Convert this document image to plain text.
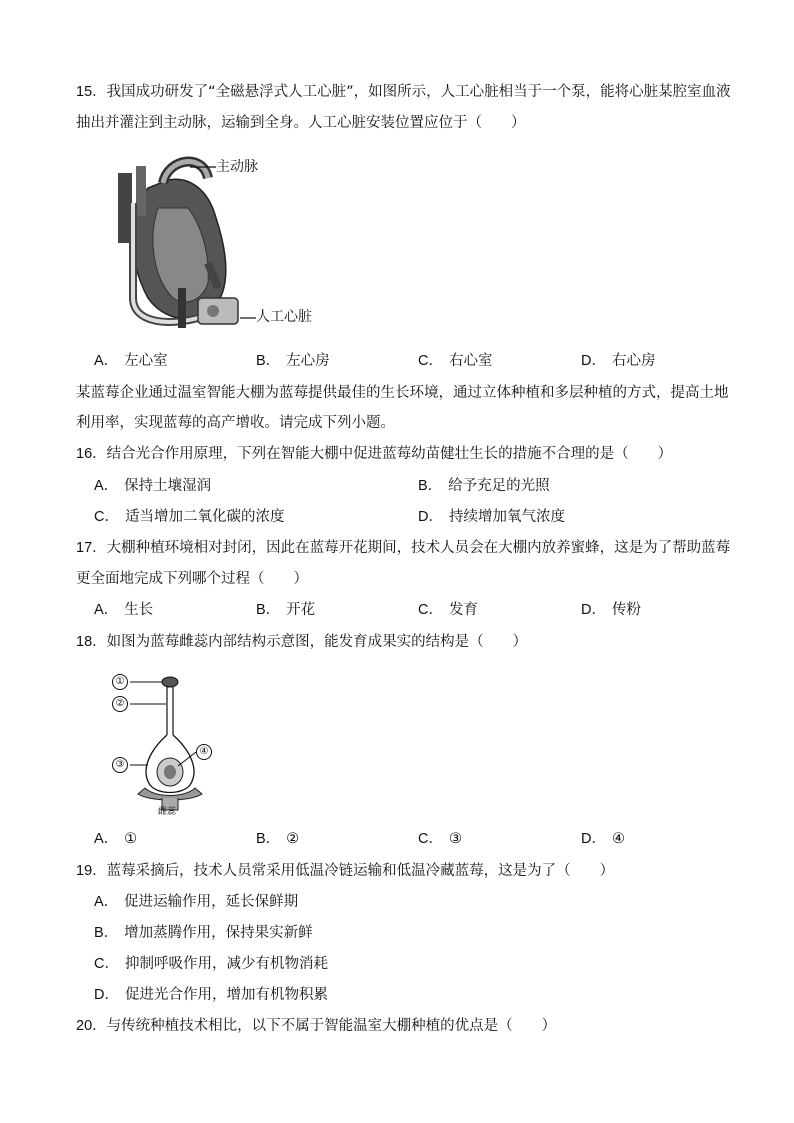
15．我国成功研发了“全磁悬浮式人工心脏”，如图所示，人工心脏相当于一个泵，能将心脏某腔室血液
抽出并灌注到主动脉，运输到全身。人工心脏安装位置应位于（　　）
主动脉
人工心脏
A． 左心室	B． 左心房	C． 右心室	D． 右心房
某蓝莓企业通过温室智能大棚为蓝莓提供最佳的生长环境，通过立体种植和多层种植的方式，提高土地
利用率，实现蓝莓的高产增收。请完成下列小题。
16．结合光合作用原理，下列在智能大棚中促进蓝莓幼苗健壮生长的措施不合理的是（　　）
A． 保持土壤湿润	B． 给予充足的光照
C． 适当增加二氧化碳的浓度	D． 持续增加氧气浓度
17．大棚种植环境相对封闭，因此在蓝莓开花期间，技术人员会在大棚内放养蜜蜂，这是为了帮助蓝莓
更全面地完成下列哪个过程（　　）
A． 生长	B． 开花	C． 发育	D． 传粉
18．如图为蓝莓雌蕊内部结构示意图，能发育成果实的结构是（　　）
①
②
③
④
雌蕊
A． ①	B． ②	C． ③	D． ④
19．蓝莓采摘后，技术人员常采用低温冷链运输和低温冷藏蓝莓，这是为了（　　）
A． 促进运输作用，延长保鲜期
B． 增加蒸腾作用，保持果实新鲜
C． 抑制呼吸作用，减少有机物消耗
D． 促进光合作用，增加有机物积累
20．与传统种植技术相比，以下不属于智能温室大棚种植的优点是（　　）
